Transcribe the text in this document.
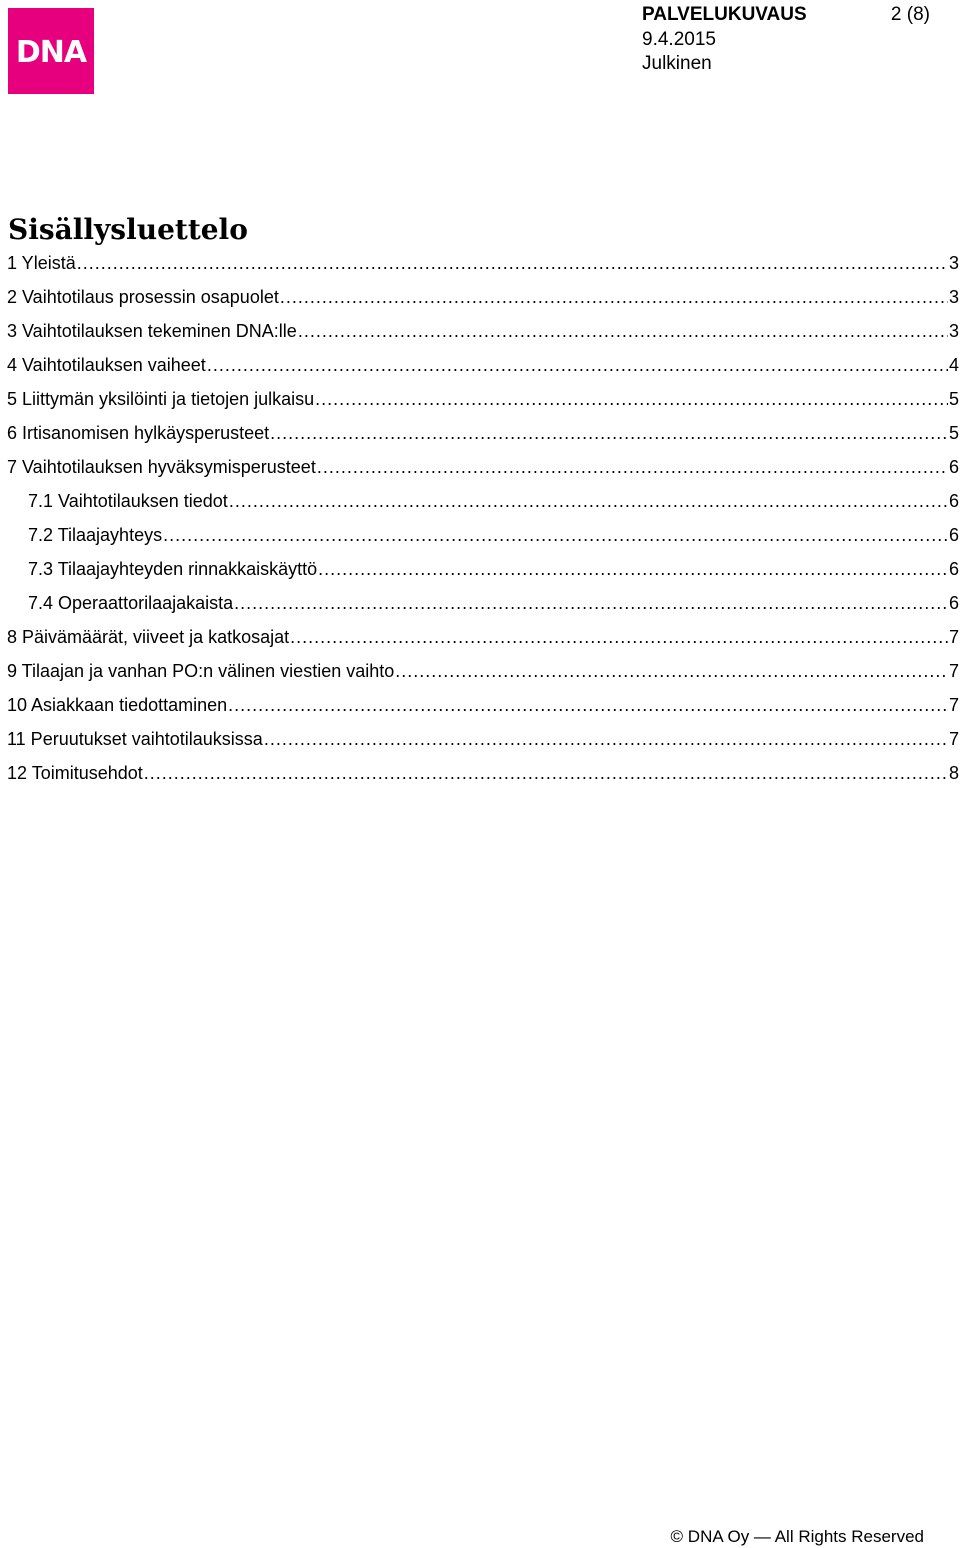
DNA
PALVELUKUVAUS	2 (8)
9.4.2015
Julkinen
Sisällysluettelo
1 Yleistä .....	3
2 Vaihtotilaus prosessin osapuolet .....	3
3 Vaihtotilauksen tekeminen DNA:lle .....	3
4 Vaihtotilauksen vaiheet .....	4
5 Liittymän yksilöinti ja tietojen julkaisu .....	5
6 Irtisanomisen hylkäysperusteet .....	5
7 Vaihtotilauksen hyväksymisperusteet .....	6
7.1 Vaihtotilauksen tiedot .....	6
7.2 Tilaajayhteys .....	6
7.3 Tilaajayhteyden rinnakkaiskäyttö .....	6
7.4 Operaattorilaajakaista .....	6
8 Päivämäärät, viiveet ja katkosajat .....	7
9 Tilaajan ja vanhan PO:n välinen viestien vaihto .....	7
10 Asiakkaan tiedottaminen .....	7
11 Peruutukset vaihtotilauksissa .....	7
12 Toimitusehdot .....	8
© DNA Oy — All Rights Reserved
